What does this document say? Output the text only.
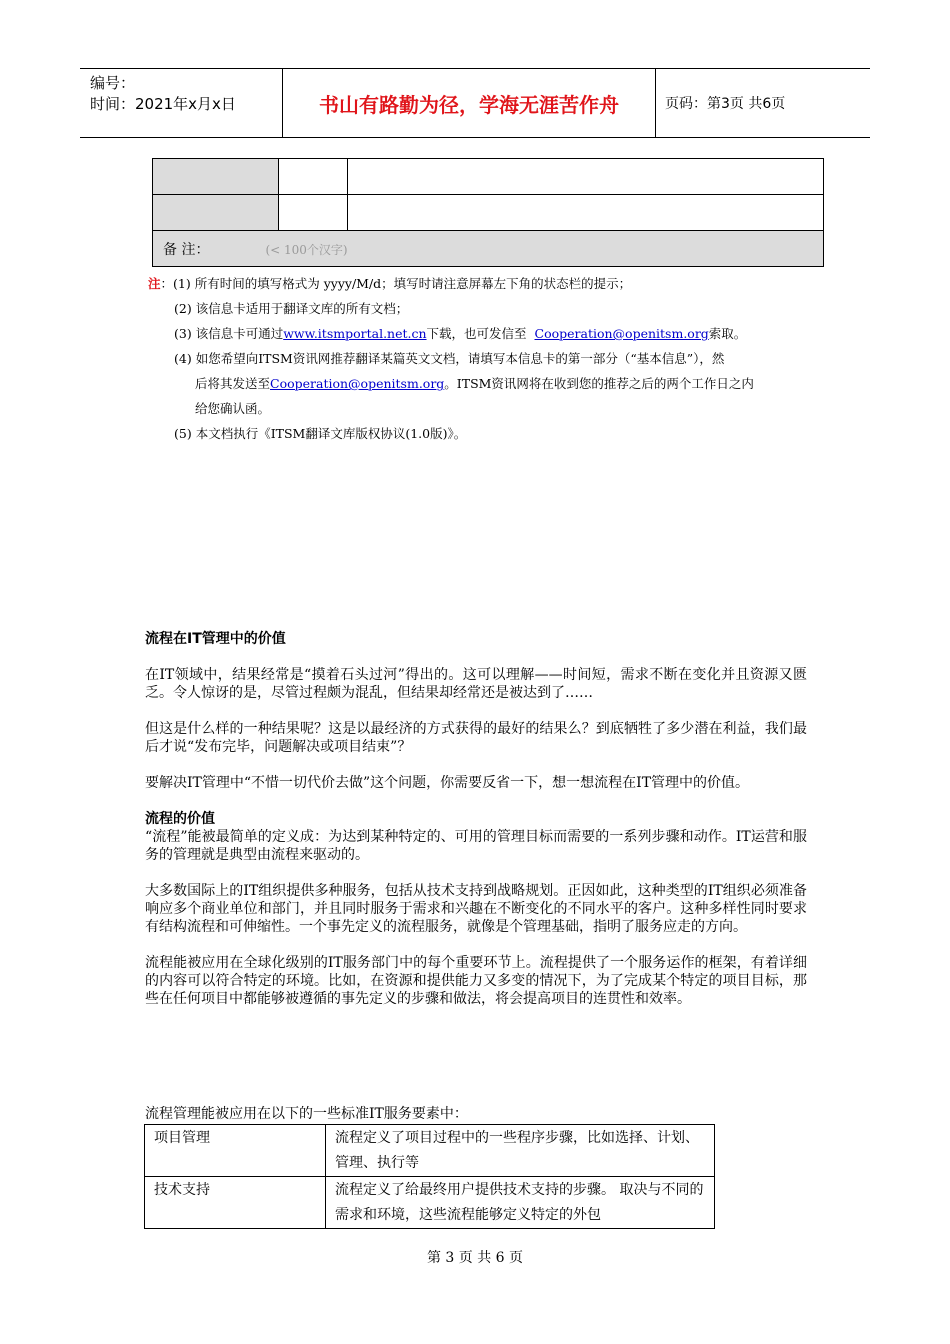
编号：
时间：2021年x月x日	书山有路勤为径，学海无涯苦作舟	页码：第3页 共6页

备 注： (< 100个汉字)		
注：(1) 所有时间的填写格式为 yyyy/M/d；填写时请注意屏幕左下角的状态栏的提示；
(2) 该信息卡适用于翻译文库的所有文档；
(3) 该信息卡可通过www.itsmportal.net.cn下载，也可发信至 Cooperation@openitsm.org索取。
(4) 如您希望向ITSM资讯网推荐翻译某篇英文文档，请填写本信息卡的第一部分（“基本信息”），然
后将其发送至Cooperation@openitsm.org。ITSM资讯网将在收到您的推荐之后的两个工作日之内
给您确认函。
(5) 本文档执行《ITSM翻译文库版权协议(1.0版)》。

流程在IT管理中的价值

在IT领域中，结果经常是“摸着石头过河”得出的。这可以理解——时间短，需求不断在变化并且资源又匮乏。令人惊讶的是，尽管过程颇为混乱，但结果却经常还是被达到了……

但这是什么样的一种结果呢？这是以最经济的方式获得的最好的结果么？到底牺牲了多少潜在利益，我们最后才说“发布完毕，问题解决或项目结束”？

要解决IT管理中“不惜一切代价去做”这个问题，你需要反省一下，想一想流程在IT管理中的价值。

流程的价值

“流程”能被最简单的定义成：为达到某种特定的、可用的管理目标而需要的一系列步骤和动作。IT运营和服务的管理就是典型由流程来驱动的。

大多数国际上的IT组织提供多种服务，包括从技术支持到战略规划。正因如此，这种类型的IT组织必须准备响应多个商业单位和部门，并且同时服务于需求和兴趣在不断变化的不同水平的客户。这种多样性同时要求有结构流程和可伸缩性。一个事先定义的流程服务，就像是个管理基础，指明了服务应走的方向。

流程能被应用在全球化级别的IT服务部门中的每个重要环节上。流程提供了一个服务运作的框架，有着详细的内容可以符合特定的环境。比如，在资源和提供能力又多变的情况下，为了完成某个特定的项目目标，那些在任何项目中都能够被遵循的事先定义的步骤和做法，将会提高项目的连贯性和效率。

流程管理能被应用在以下的一些标准IT服务要素中：
项目管理	流程定义了项目过程中的一些程序步骤，比如选择、计划、管理、执行等
技术支持	流程定义了给最终用户提供技术支持的步骤。 取决与不同的需求和环境，这些流程能够定义特定的外包
第 3 页 共 6 页
